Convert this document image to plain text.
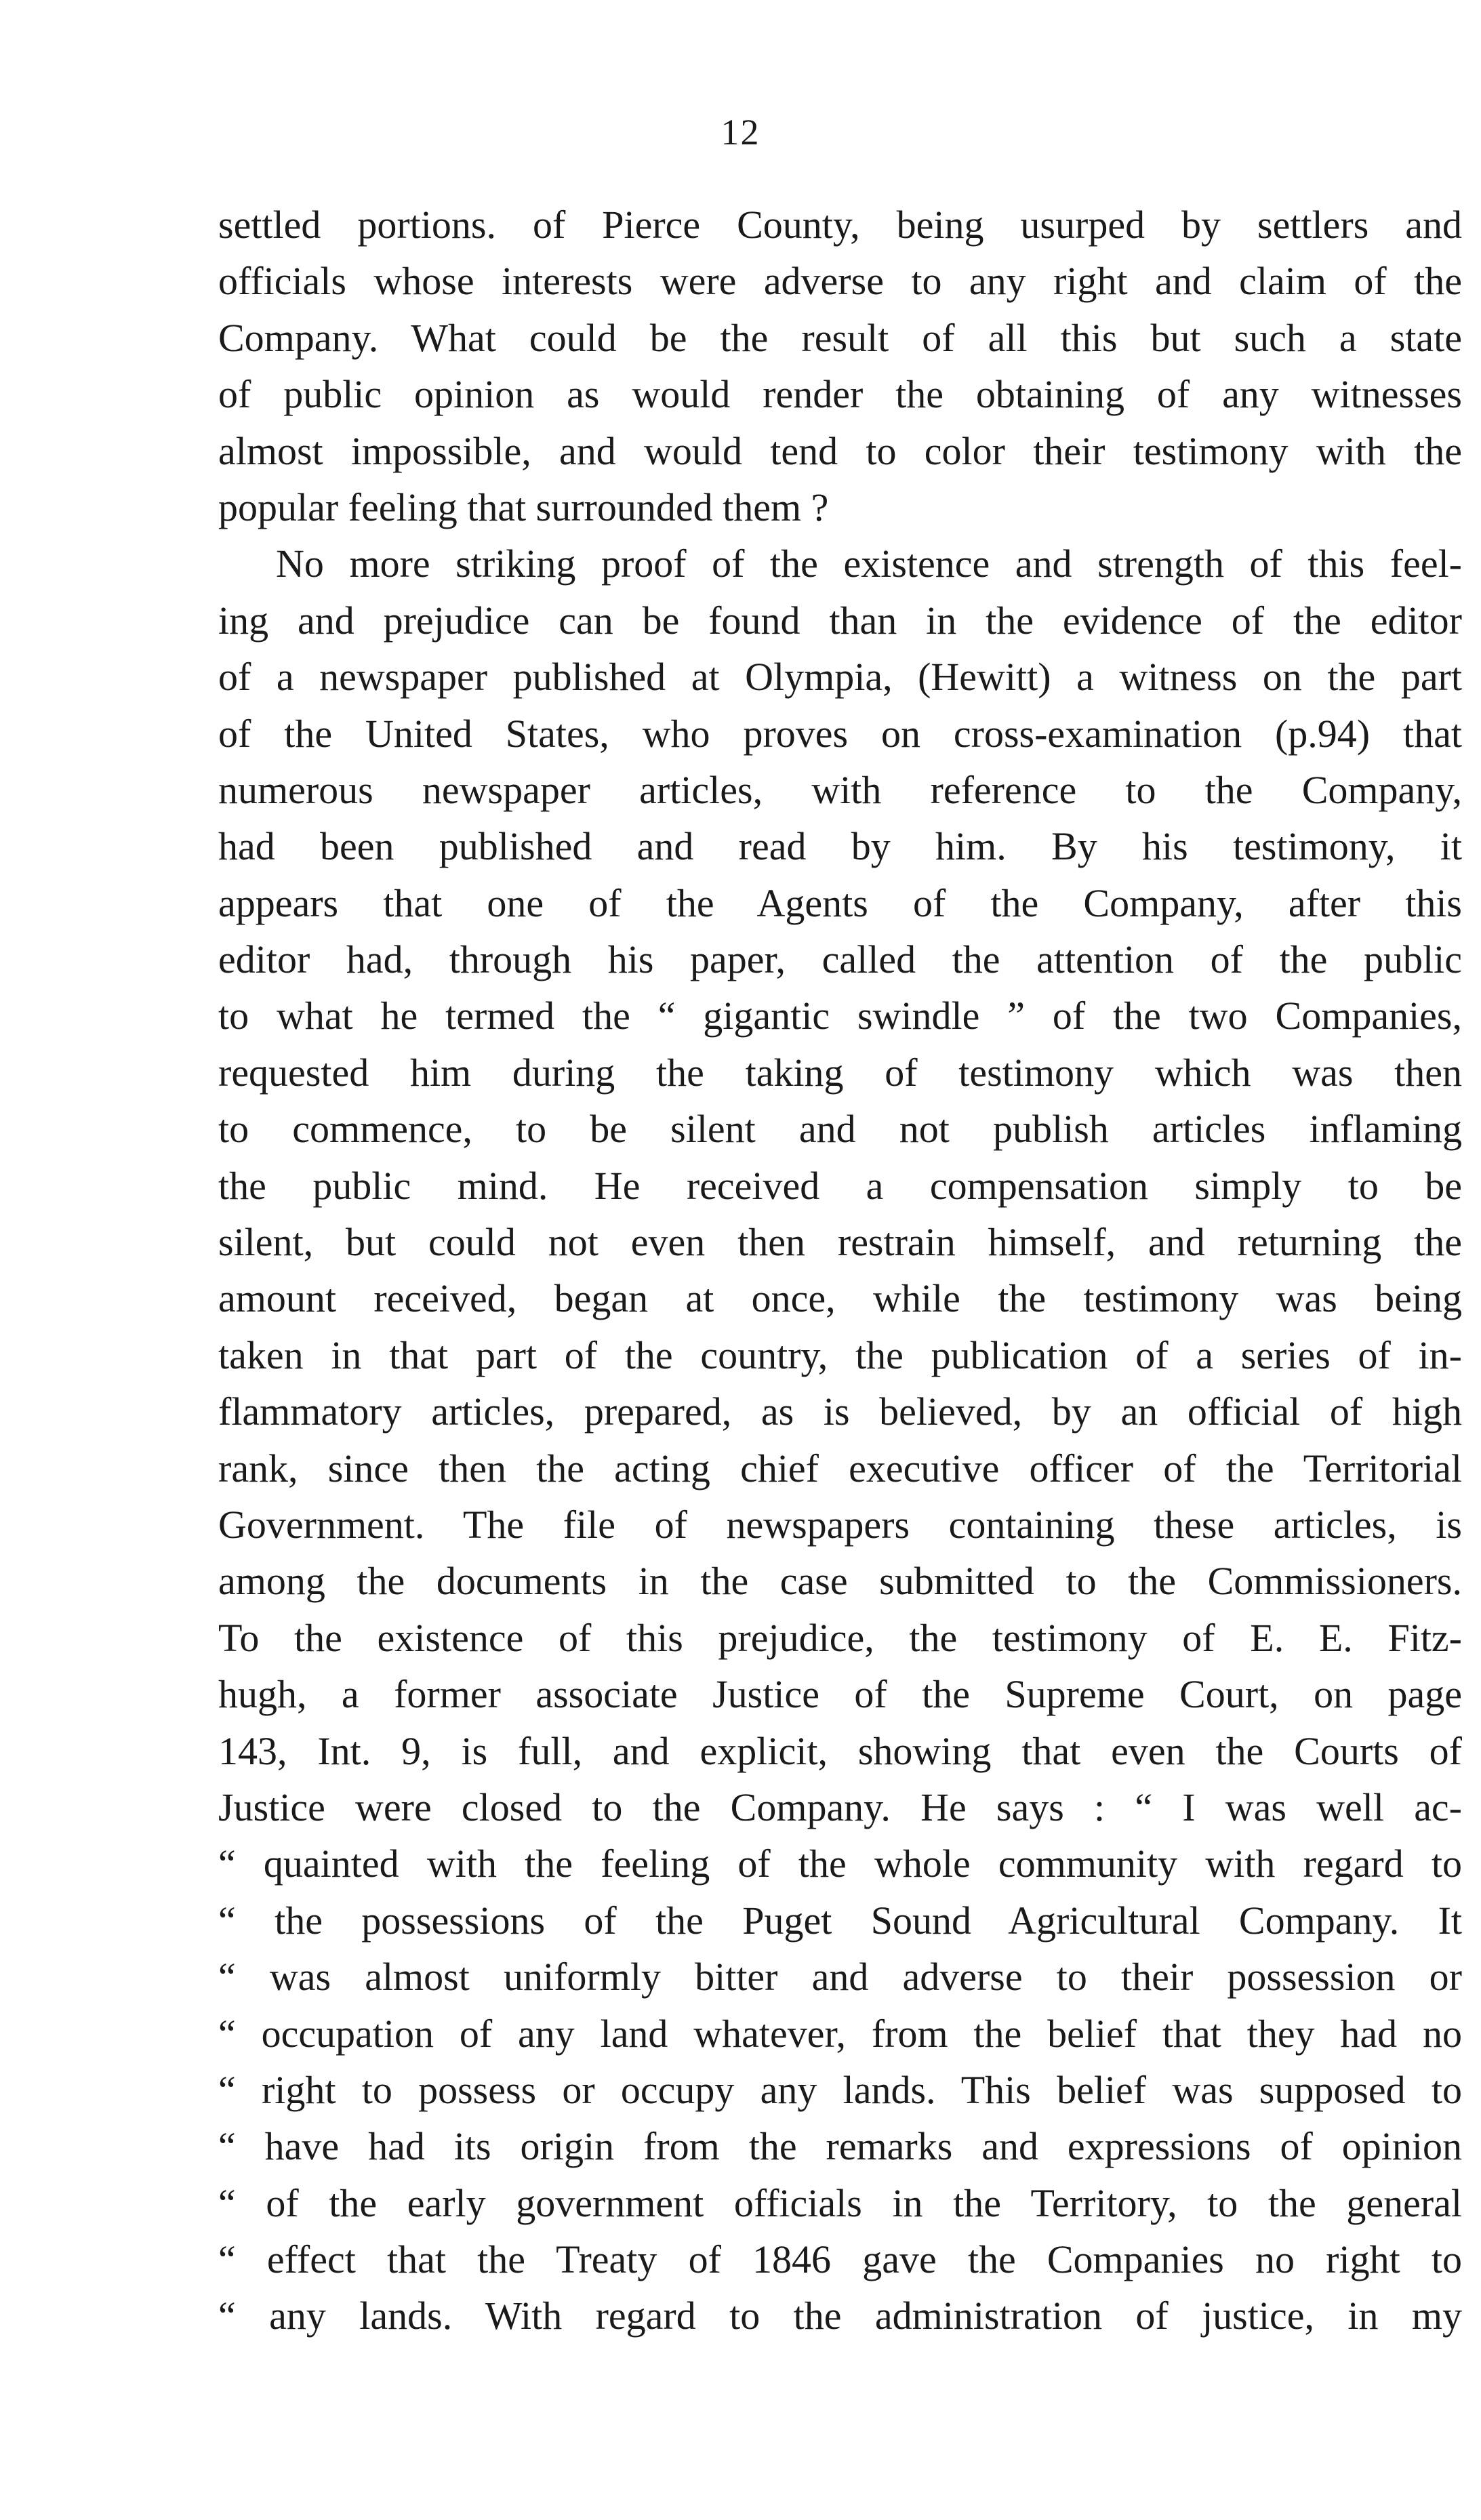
12
settled portions. of Pierce County, being usurped by settlers and
officials whose interests were adverse to any right and claim of the
Company. What could be the result of all this but such a state
of public opinion as would render the obtaining of any witnesses
almost impossible, and would tend to color their testimony with the
popular feeling that surrounded them ?
No more striking proof of the existence and strength of this feel-
ing and prejudice can be found than in the evidence of the editor
of a newspaper published at Olympia, (Hewitt) a witness on the part
of the United States, who proves on cross-examination (p.94) that
numerous newspaper articles, with reference to the Company,
had been published and read by him. By his testimony, it
appears that one of the Agents of the Company, after this
editor had, through his paper, called the attention of the public
to what he termed the “ gigantic swindle ” of the two Companies,
requested him during the taking of testimony which was then
to commence, to be silent and not publish articles inflaming
the public mind. He received a compensation simply to be
silent, but could not even then restrain himself, and returning the
amount received, began at once, while the testimony was being
taken in that part of the country, the publication of a series of in-
flammatory articles, prepared, as is believed, by an official of high
rank, since then the acting chief executive officer of the Territorial
Government. The file of newspapers containing these articles, is
among the documents in the case submitted to the Commissioners.
To the existence of this prejudice, the testimony of E. E. Fitz-
hugh, a former associate Justice of the Supreme Court, on page
143, Int. 9, is full, and explicit, showing that even the Courts of
Justice were closed to the Company. He says : “ I was well ac-
“ quainted with the feeling of the whole community with regard to
“ the possessions of the Puget Sound Agricultural Company. It
“ was almost uniformly bitter and adverse to their possession or
“ occupation of any land whatever, from the belief that they had no
“ right to possess or occupy any lands. This belief was supposed to
“ have had its origin from the remarks and expressions of opinion
“ of the early government officials in the Territory, to the general
“ effect that the Treaty of 1846 gave the Companies no right to
“ any lands. With regard to the administration of justice, in my
